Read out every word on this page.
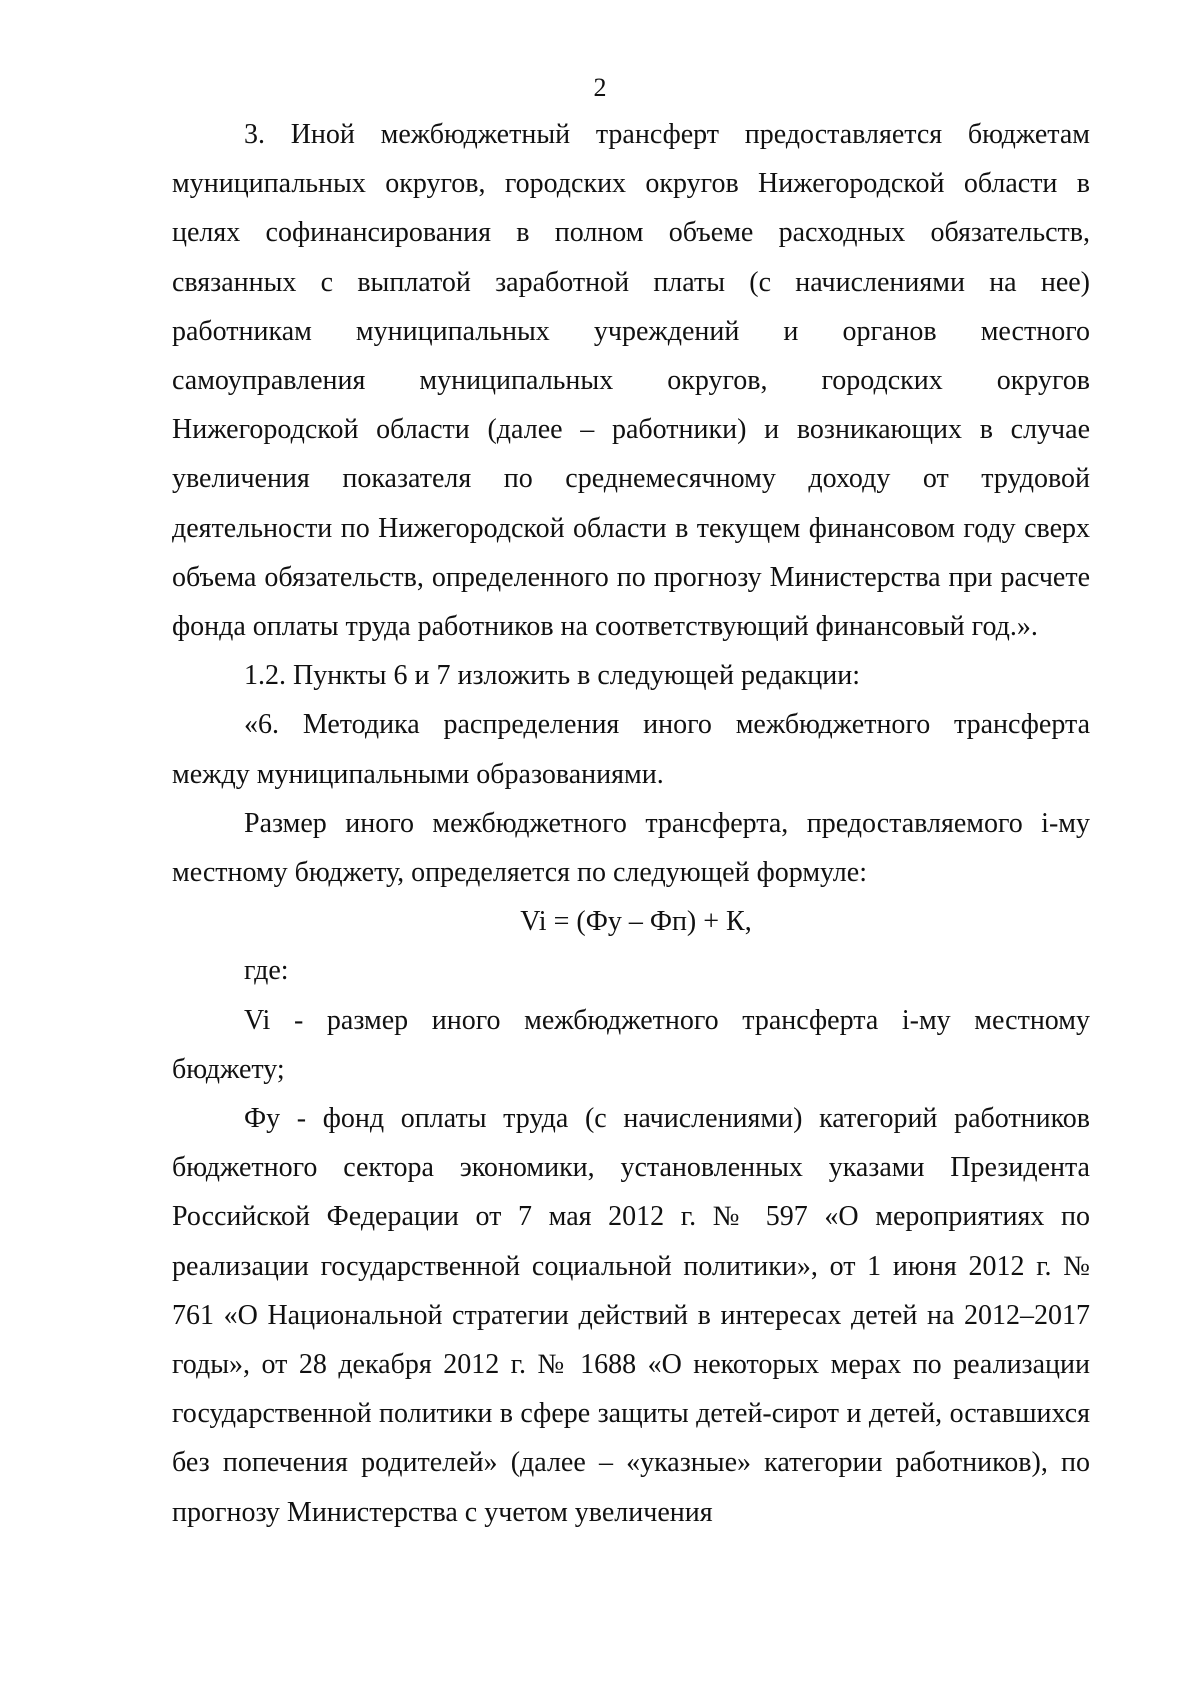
2

3. Иной межбюджетный трансферт предоставляется бюджетам муниципальных округов, городских округов Нижегородской области в целях софинансирования в полном объеме расходных обязательств, связанных с выплатой заработной платы (с начислениями на нее) работникам муниципальных учреждений и органов местного самоуправления муниципальных округов, городских округов Нижегородской области (далее – работники) и возникающих в случае увеличения показателя по среднемесячному доходу от трудовой деятельности по Нижегородской области в текущем финансовом году сверх объема обязательств, определенного по прогнозу Министерства при расчете фонда оплаты труда работников на соответствующий финансовый год.».

1.2. Пункты 6 и 7 изложить в следующей редакции:

«6. Методика распределения иного межбюджетного трансферта между муниципальными образованиями.

Размер иного межбюджетного трансферта, предоставляемого i-му местному бюджету, определяется по следующей формуле:

Vi = (Фу – Фп) + К,

где:

Vi - размер иного межбюджетного трансферта i-му местному бюджету;

Фу - фонд оплаты труда (с начислениями) категорий работников бюджетного сектора экономики, установленных указами Президента Российской Федерации от 7 мая 2012 г. № 597 «О мероприятиях по реализации государственной социальной политики», от 1 июня 2012 г. № 761 «О Национальной стратегии действий в интересах детей на 2012–2017 годы», от 28 декабря 2012 г. № 1688 «О некоторых мерах по реализации государственной политики в сфере защиты детей-сирот и детей, оставшихся без попечения родителей» (далее – «указные» категории работников), по прогнозу Министерства с учетом увеличения
